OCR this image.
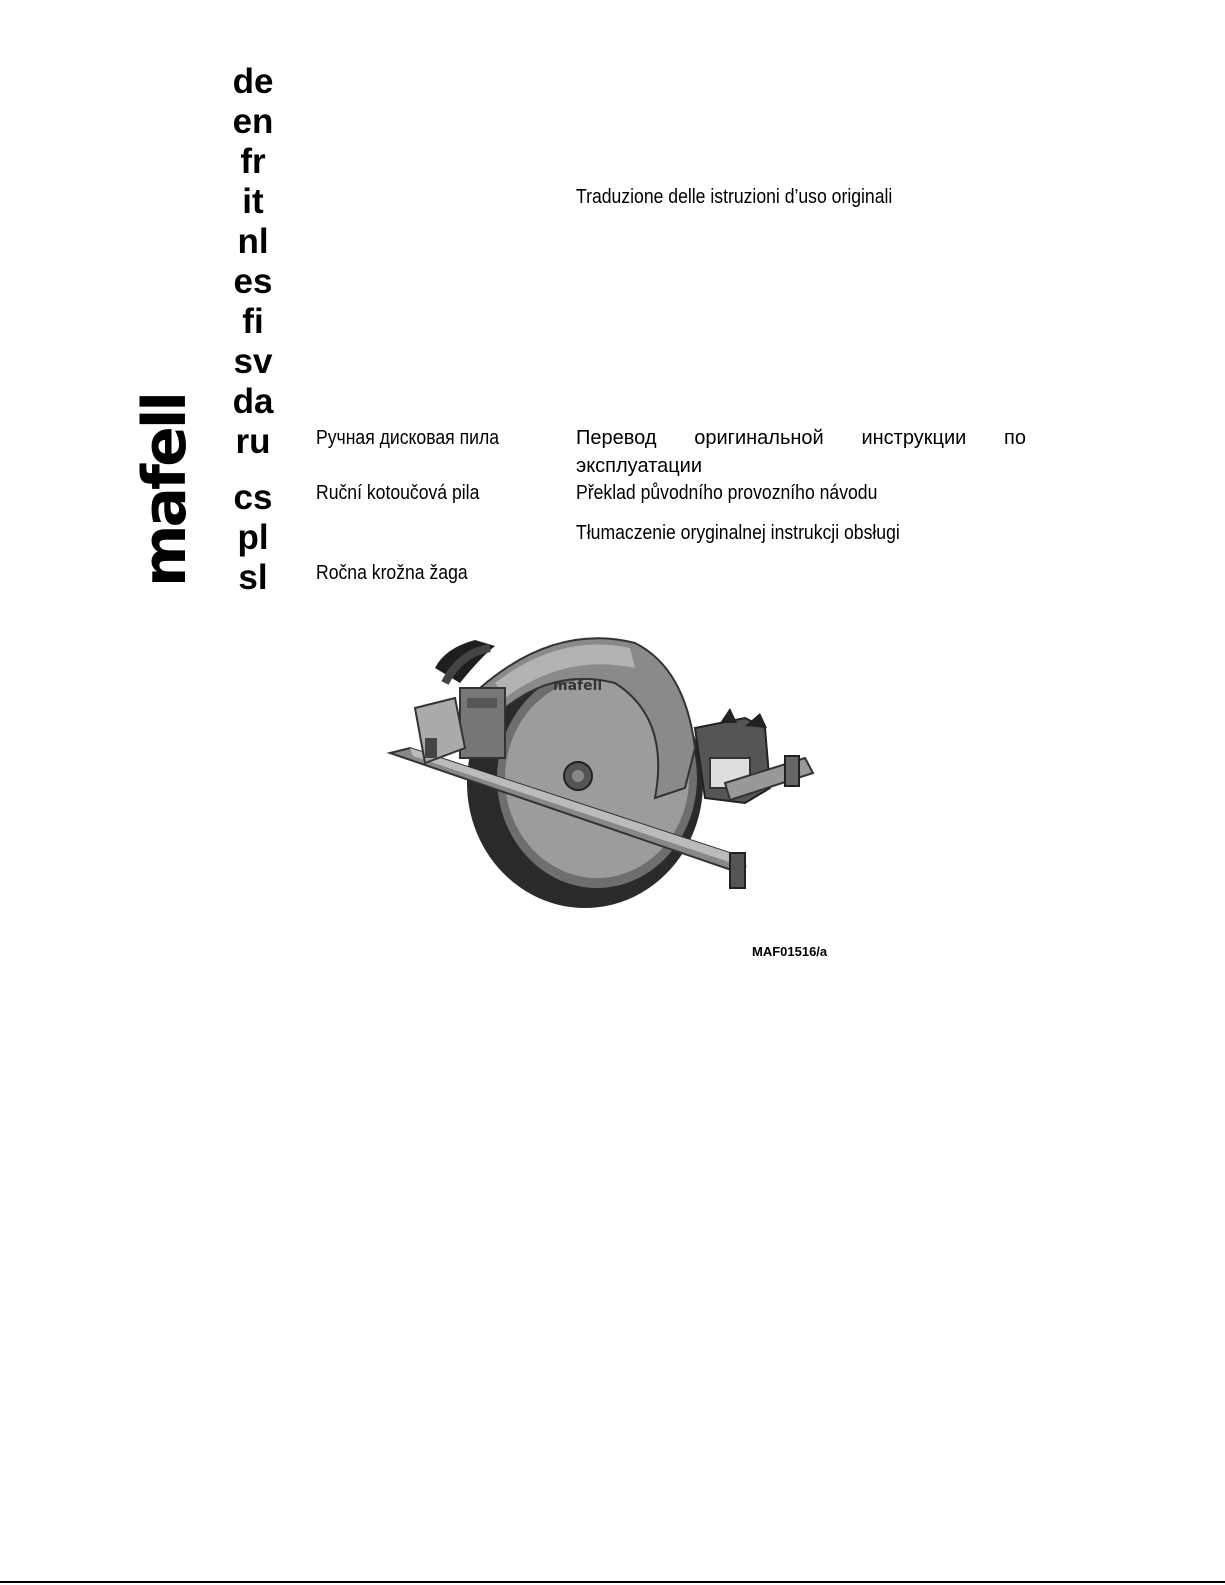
mafell
de
en
fr
it
nl
es
fi
sv
da
ru
cs
pl
sl
Traduzione delle istruzioni d’uso originali
Ручная дисковая пила	Перевод оригинальной инструкции по эксплуатации
Ruční kotoučová pila	Překlad původního provozního návodu
Tłumaczenie oryginalnej instrukcji obsługi
Ročna krožna žaga
mafell
MAF01516/a
